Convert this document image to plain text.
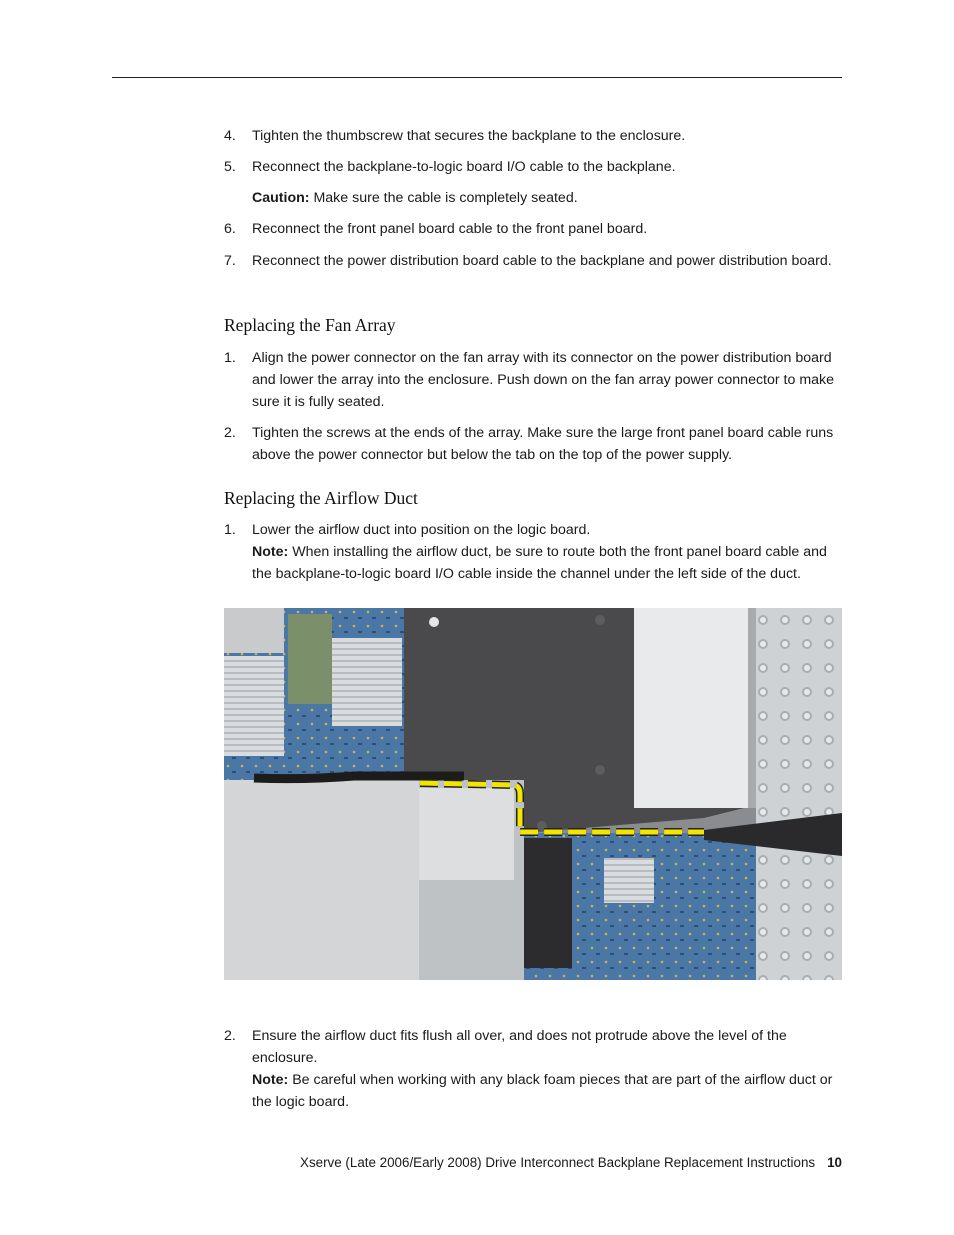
4.	Tighten the thumbscrew that secures the backplane to the enclosure.
5.	Reconnect the backplane-to-logic board I/O cable to the backplane.
Caution: Make sure the cable is completely seated.
6.	Reconnect the front panel board cable to the front panel board.
7.	Reconnect the power distribution board cable to the backplane and power distribution board.
Replacing the Fan Array
1.	Align the power connector on the fan array with its connector on the power distribution board and lower the array into the enclosure. Push down on the fan array power connector to make sure it is fully seated.
2.	Tighten the screws at the ends of the array. Make sure the large front panel board cable runs above the power connector but below the tab on the top of the power supply.
Replacing the Airflow Duct
1.	Lower the airflow duct into position on the logic board.
Note: When installing the airflow duct, be sure to route both the front panel board cable and the backplane-to-logic board I/O cable inside the channel under the left side of the duct.
2.	Ensure the airflow duct fits flush all over, and does not protrude above the level of the enclosure.
Note: Be careful when working with any black foam pieces that are part of the airflow duct or the logic board.
Xserve (Late 2006/Early 2008) Drive Interconnect Backplane Replacement Instructions 10
